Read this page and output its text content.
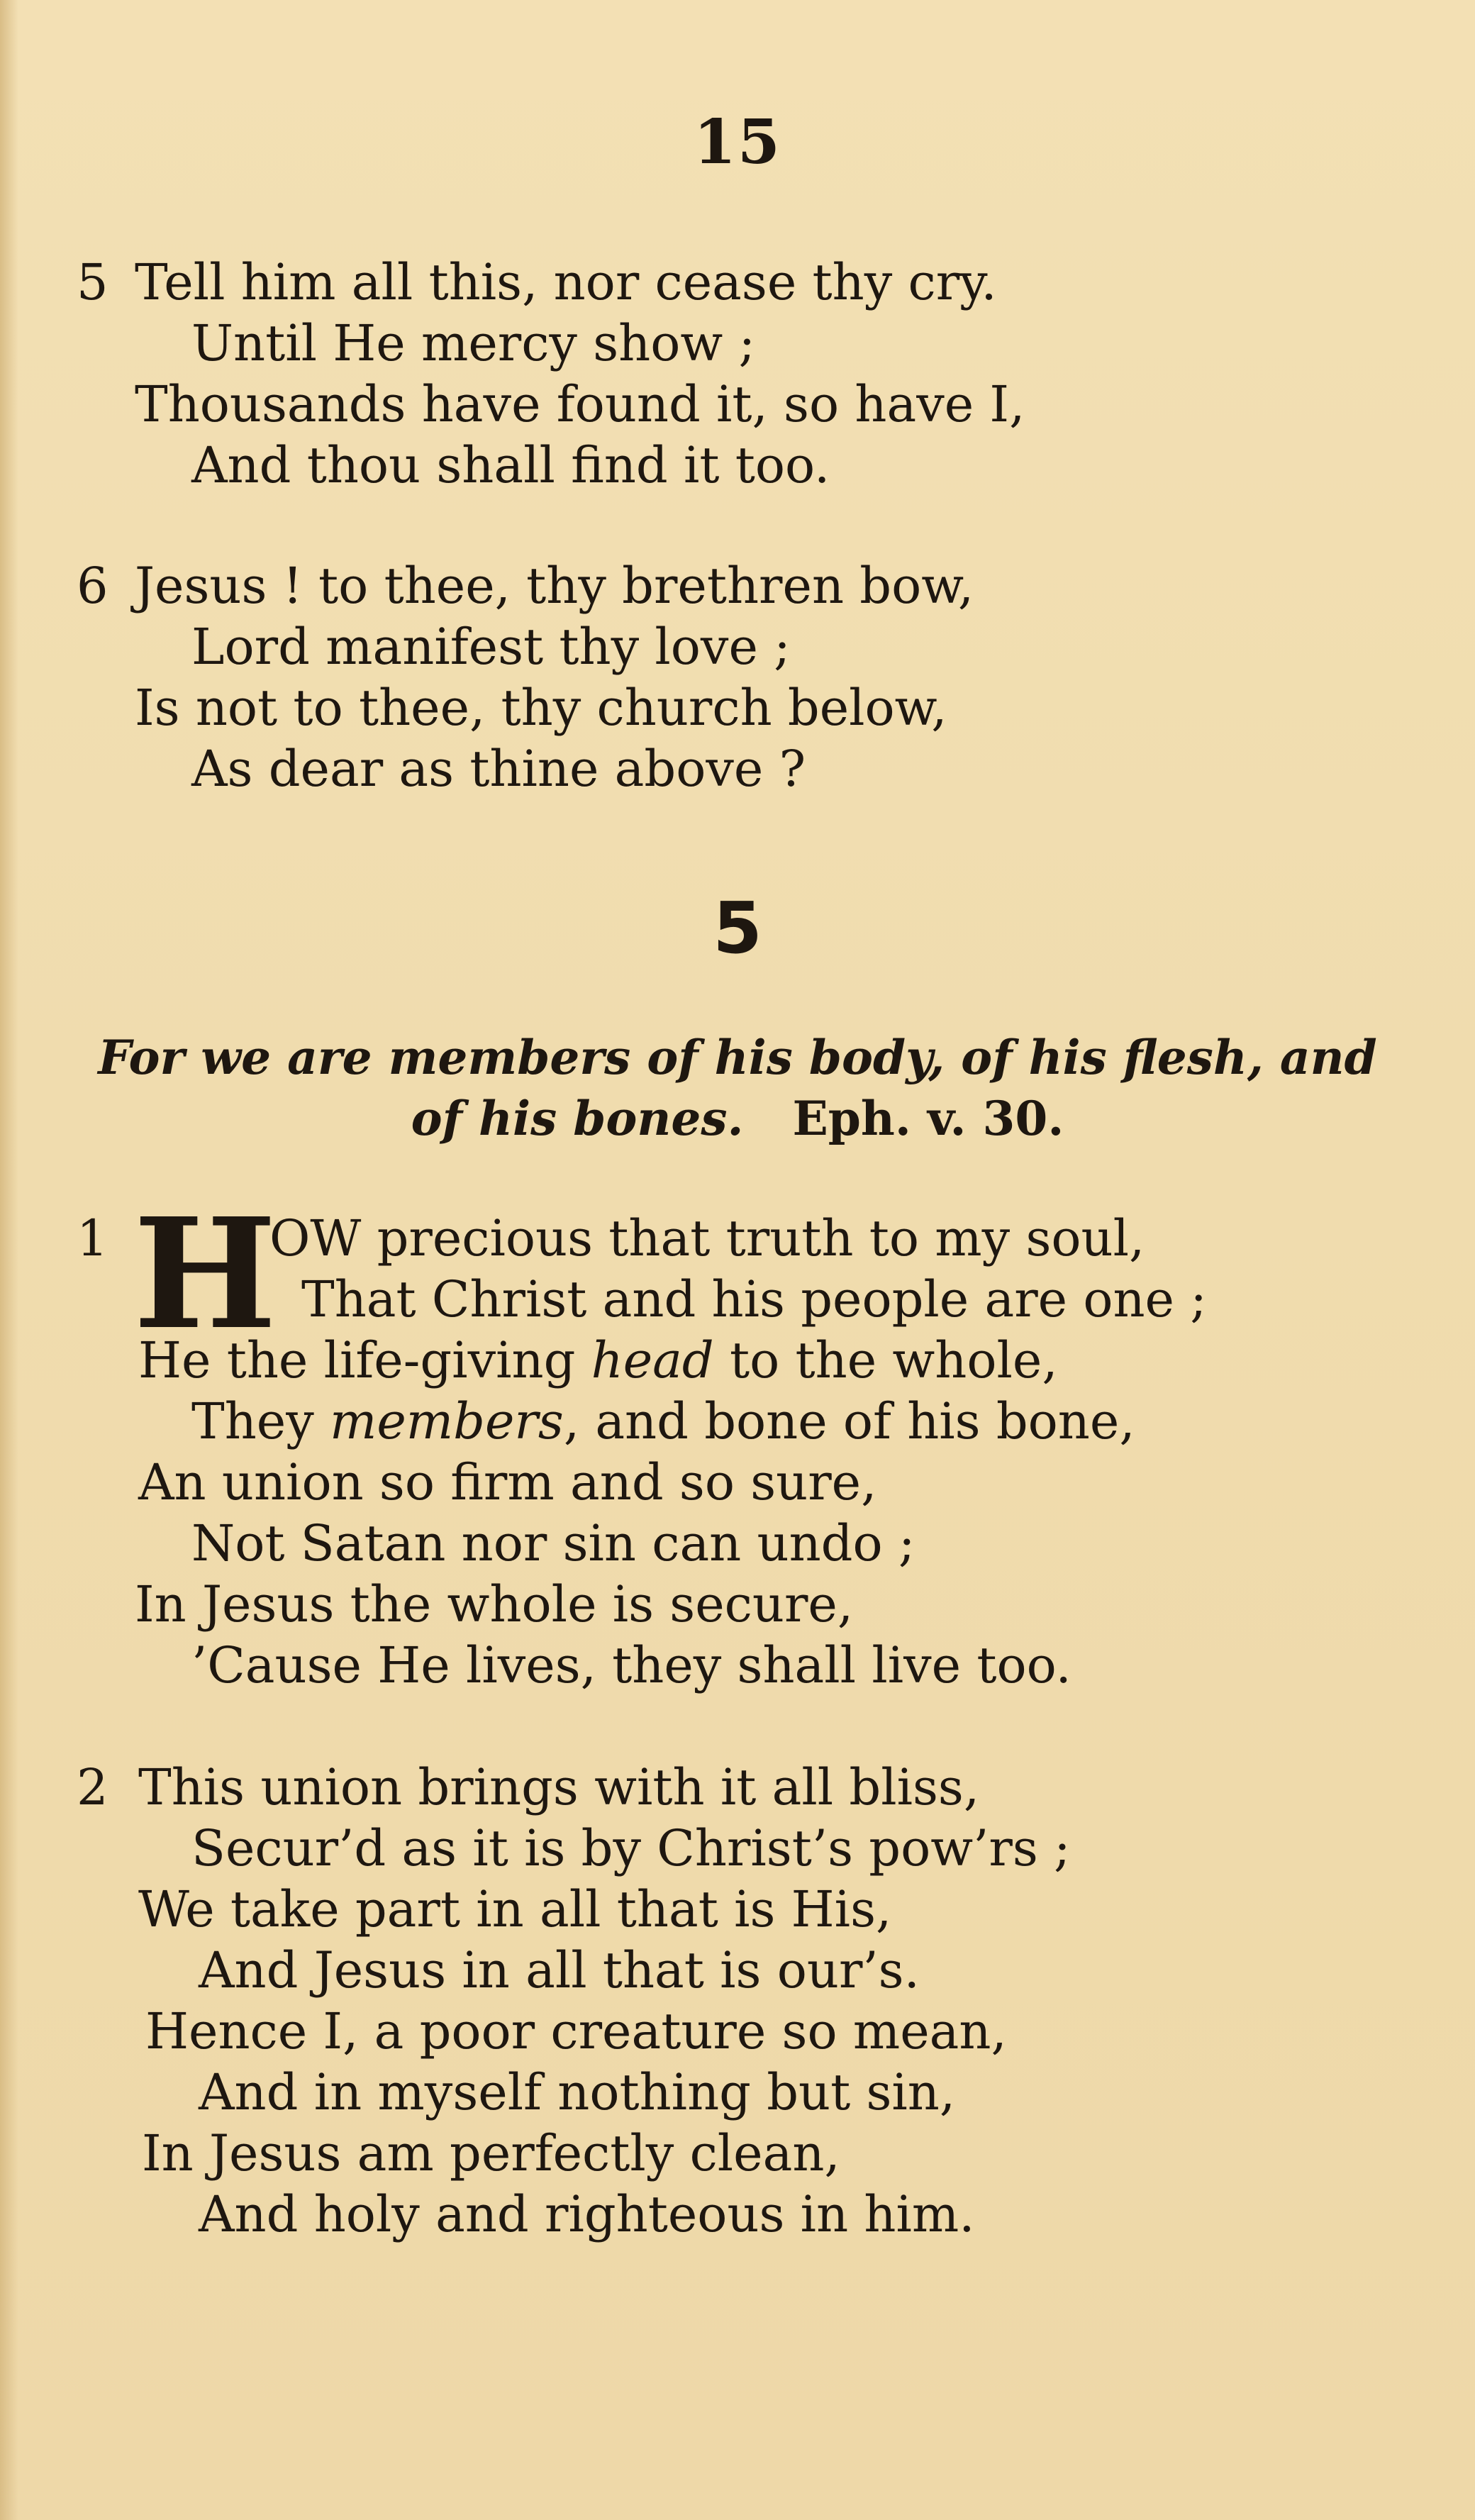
15
5 Tell him all this, nor cease thy cry.
Until He mercy show ;
Thousands have found it, so have I,
And thou shall find it too.
6 Jesus ! to thee, thy brethren bow,
Lord manifest thy love ;
Is not to thee, thy church below,
As dear as thine above ?
5
For we are members of his body, of his flesh, and
of his bones. Eph. v. 30.
1	OW precious that truth to my soul,
That Christ and his people are one ;
He the life-giving head to the whole,
They members, and bone of his bone,
An union so firm and so sure,
Not Satan nor sin can undo ;
In Jesus the whole is secure,
’Cause He lives, they shall live too.
H
2 This union brings with it all bliss,
Secur’d as it is by Christ’s pow’rs ;
We take part in all that is His,
And Jesus in all that is our’s.
Hence I, a poor creature so mean,
And in myself nothing but sin,
In Jesus am perfectly clean,
And holy and righteous in him.
